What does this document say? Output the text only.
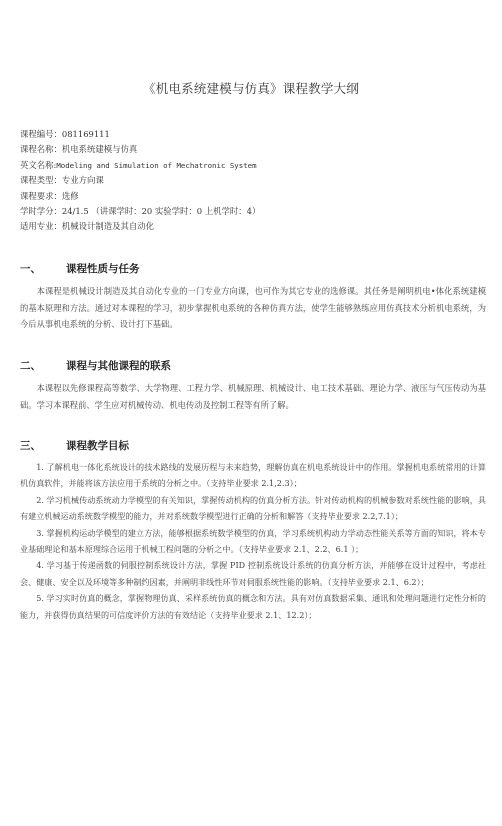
《机电系统建模与仿真》课程教学大纲
课程编号：081169111
课程名称：机电系统建模与仿真
英文名称:Modeling and Simulation of Mechatronic System
课程类型：专业方向课
课程要求：选修
学时学分：24/1.5 （讲课学时：20 实验学时：0 上机学时：4）
适用专业：机械设计制造及其自动化
一、 课程性质与任务
本课程是机械设计制造及其自动化专业的一门专业方向课，也可作为其它专业的选修课。其任务是阐明机电•体化系统建模的基本原理和方法。通过对本课程的学习，初步掌握机电系统的各种仿真方法，使学生能够熟练应用仿真技术分析机电系统，为今后从事机电系统的分析、设计打下基础。
二、 课程与其他课程的联系
本课程以先修课程高等数学、大学物理、工程力学、机械原理、机械设计、电工技术基础、理论力学、液压与气压传动为基础。学习本课程前、学生应对机械传动、机电传动及控制工程等有所了解。
三、 课程教学目标

1. 了解机电一体化系统设计的技术路线的发展历程与未来趋势，理解仿真在机电系统设计中的作用。掌握机电系统常用的计算机仿真软件，并能将该方法应用于系统的分析之中。（支持毕业要求 2.1,2.3）；

2. 学习机械传动系统动力学模型的有关知识，掌握传动机构的仿真分析方法。针对传动机构的机械参数对系统性能的影响，具有建立机械运动系统数学模型的能力，并对系统数学模型进行正确的分析和解答（支持毕业要求 2.2,7.1）；

3. 掌握机构运动学模型的建立方法，能够根据系统数学模型的仿真，学习系统机构动力学动态性能关系等方面的知识，将本专业基础理论和基本原理综合运用于机械工程问题的分析之中。（支持毕业要求 2.1、2.2、6.1 ）；

4. 学习基于传递函数的伺服控制系统设计方法，掌握 PID 控制系统设计系统的仿真分析方法，并能够在设计过程中，考虑社会、健康、安全以及环境等多种制约因素，并阐明非线性环节对伺服系统性能的影响。（支持毕业要求 2.1、6.2）；

5. 学习实时仿真的概念，掌握物理仿真、采样系统仿真的概念和方法。具有对仿真数据采集、通讯和处理问题进行定性分析的能力，并获得仿真结果的可信度评价方法的有效结论（支持毕业要求 2.1、12.2）；
